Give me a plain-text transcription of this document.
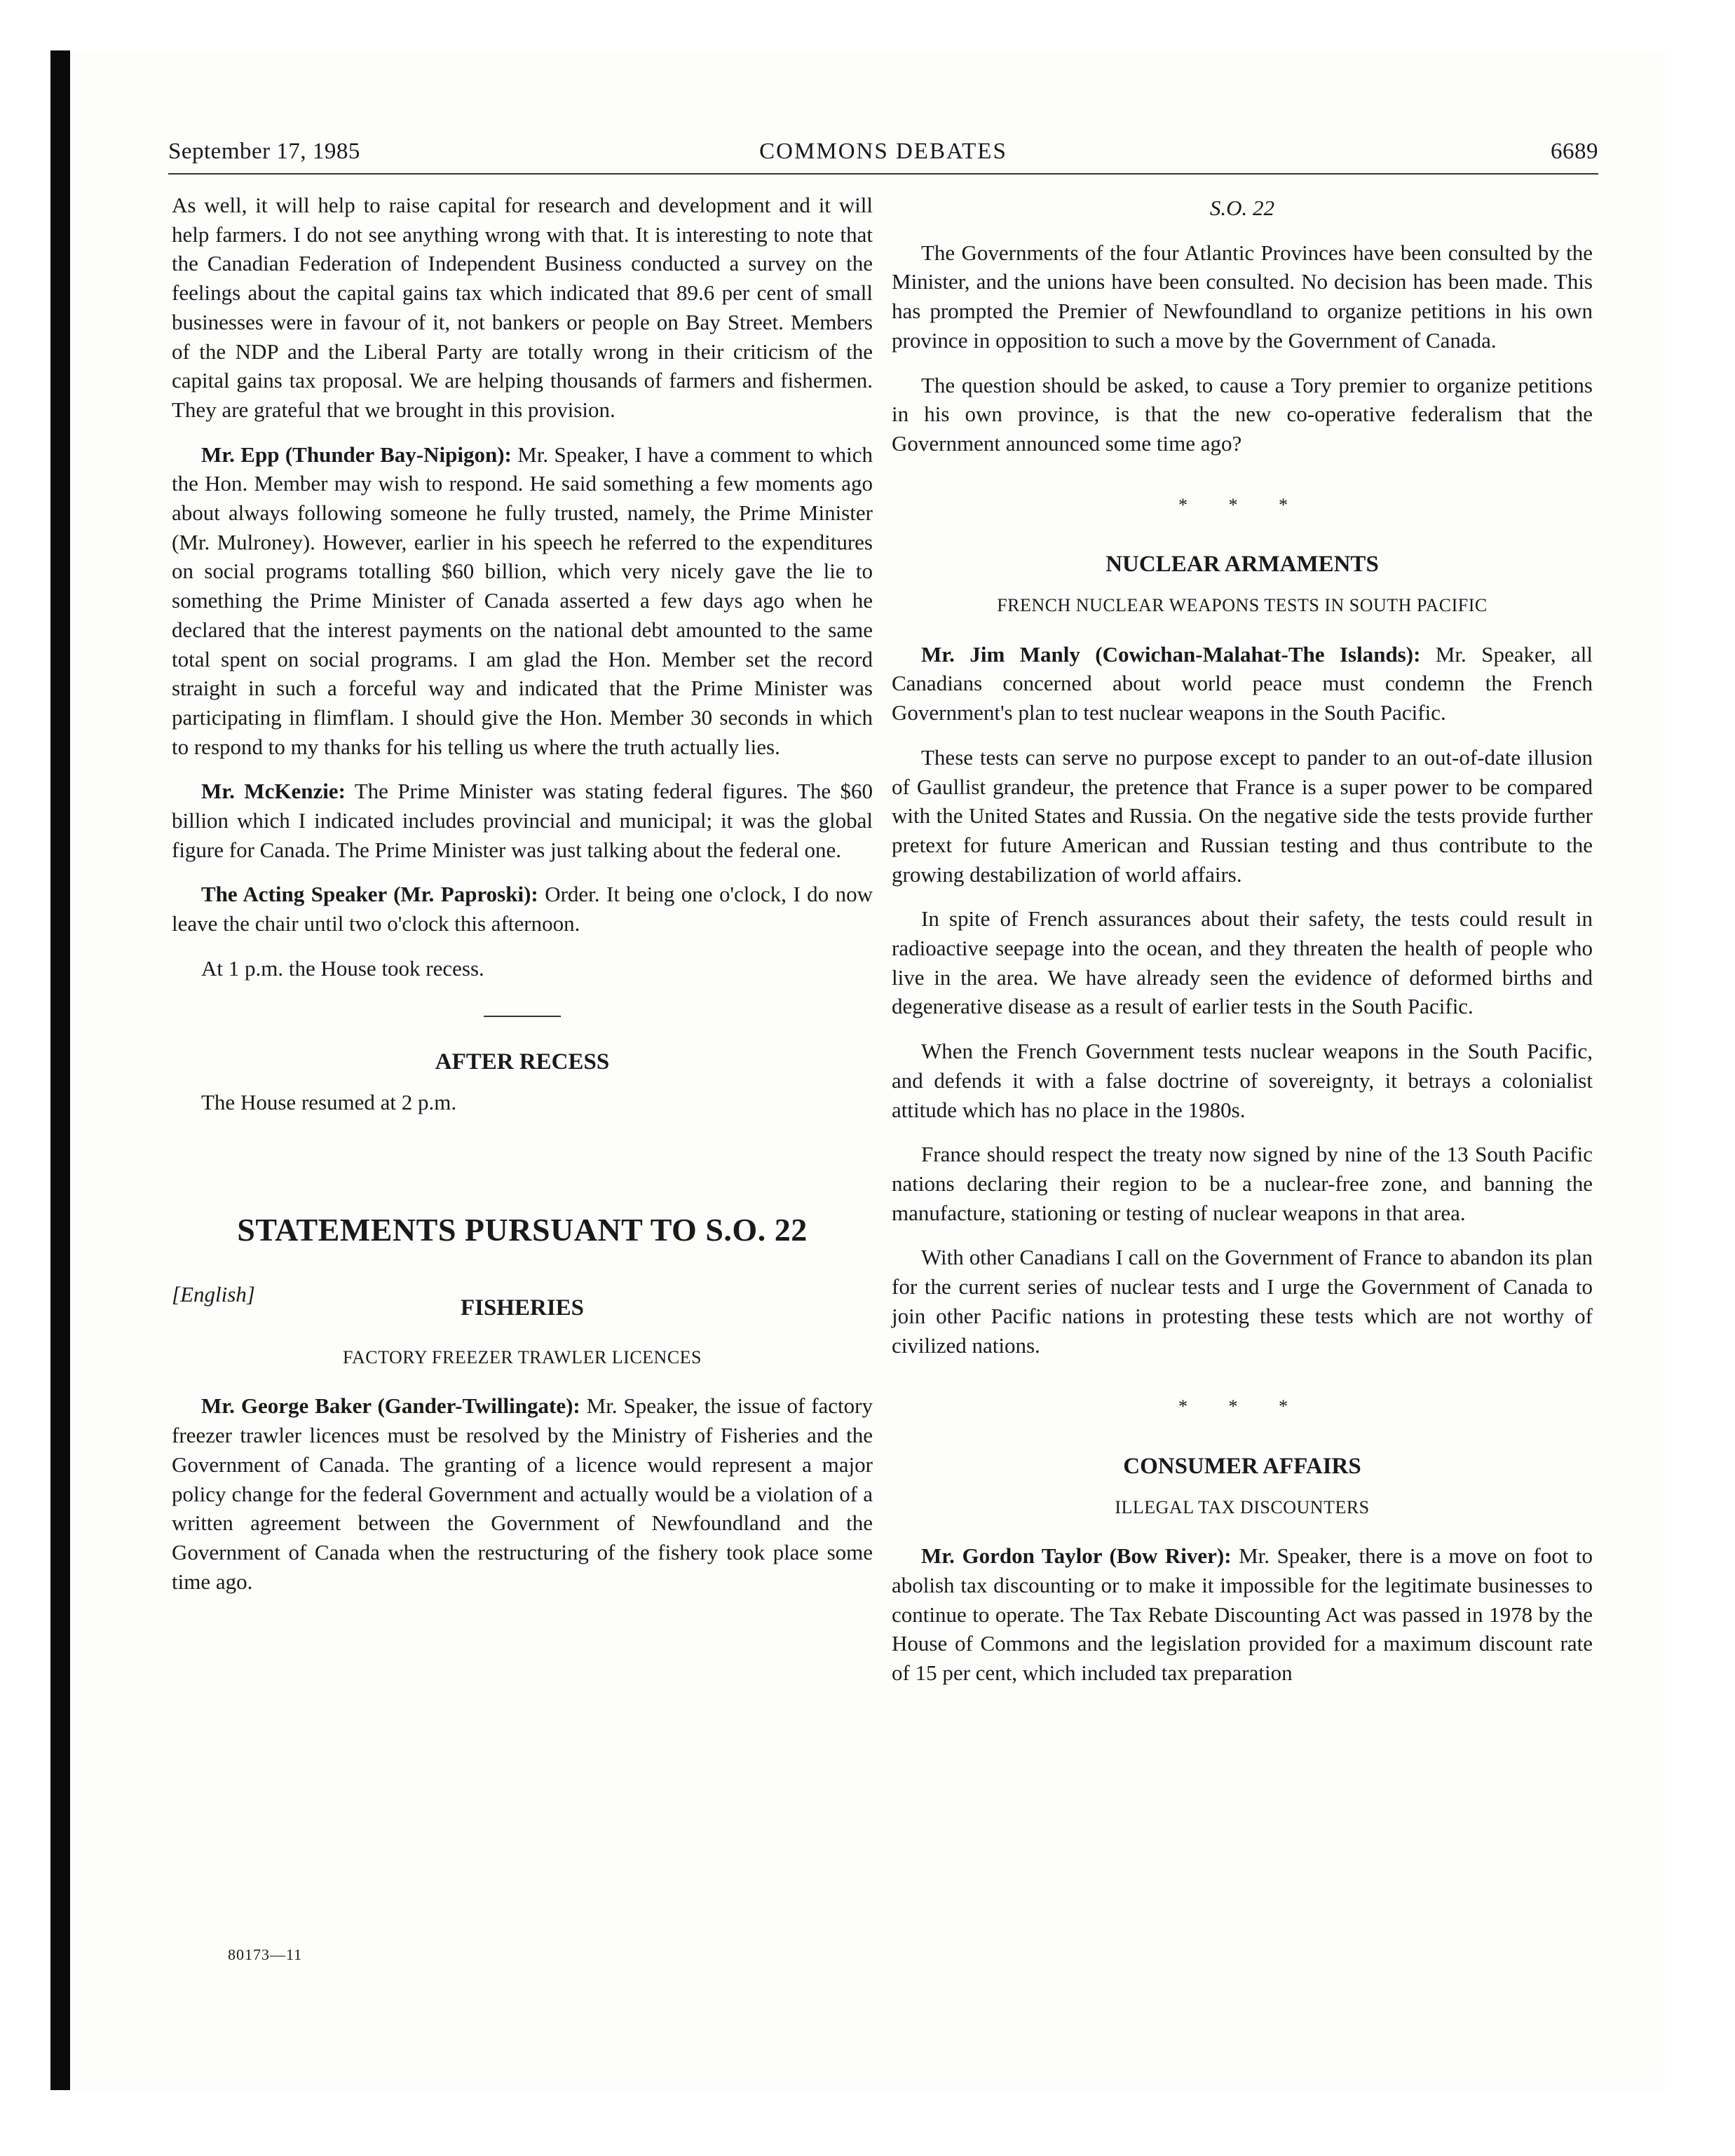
September 17, 1985	COMMONS DEBATES	6689

As well, it will help to raise capital for research and development and it will help farmers. I do not see anything wrong with that. It is interesting to note that the Canadian Federation of Independent Business conducted a survey on the feelings about the capital gains tax which indicated that 89.6 per cent of small businesses were in favour of it, not bankers or people on Bay Street. Members of the NDP and the Liberal Party are totally wrong in their criticism of the capital gains tax proposal. We are helping thousands of farmers and fishermen. They are grateful that we brought in this provision.

Mr. Epp (Thunder Bay-Nipigon): Mr. Speaker, I have a comment to which the Hon. Member may wish to respond. He said something a few moments ago about always following someone he fully trusted, namely, the Prime Minister (Mr. Mulroney). However, earlier in his speech he referred to the expenditures on social programs totalling $60 billion, which very nicely gave the lie to something the Prime Minister of Canada asserted a few days ago when he declared that the interest payments on the national debt amounted to the same total spent on social programs. I am glad the Hon. Member set the record straight in such a forceful way and indicated that the Prime Minister was participating in flimflam. I should give the Hon. Member 30 seconds in which to respond to my thanks for his telling us where the truth actually lies.

Mr. McKenzie: The Prime Minister was stating federal figures. The $60 billion which I indicated includes provincial and municipal; it was the global figure for Canada. The Prime Minister was just talking about the federal one.

The Acting Speaker (Mr. Paproski): Order. It being one o'clock, I do now leave the chair until two o'clock this afternoon.

At 1 p.m. the House took recess.

AFTER RECESS

The House resumed at 2 p.m.

STATEMENTS PURSUANT TO S.O. 22
[English]
FISHERIES
FACTORY FREEZER TRAWLER LICENCES

Mr. George Baker (Gander-Twillingate): Mr. Speaker, the issue of factory freezer trawler licences must be resolved by the Ministry of Fisheries and the Government of Canada. The granting of a licence would represent a major policy change for the federal Government and actually would be a violation of a written agreement between the Government of Newfoundland and the Government of Canada when the restructuring of the fishery took place some time ago.

S.O. 22

The Governments of the four Atlantic Provinces have been consulted by the Minister, and the unions have been consulted. No decision has been made. This has prompted the Premier of Newfoundland to organize petitions in his own province in opposition to such a move by the Government of Canada.

The question should be asked, to cause a Tory premier to organize petitions in his own province, is that the new co-operative federalism that the Government announced some time ago?

* * *
NUCLEAR ARMAMENTS
FRENCH NUCLEAR WEAPONS TESTS IN SOUTH PACIFIC

Mr. Jim Manly (Cowichan-Malahat-The Islands): Mr. Speaker, all Canadians concerned about world peace must condemn the French Government's plan to test nuclear weapons in the South Pacific.

These tests can serve no purpose except to pander to an out-of-date illusion of Gaullist grandeur, the pretence that France is a super power to be compared with the United States and Russia. On the negative side the tests provide further pretext for future American and Russian testing and thus contribute to the growing destabilization of world affairs.

In spite of French assurances about their safety, the tests could result in radioactive seepage into the ocean, and they threaten the health of people who live in the area. We have already seen the evidence of deformed births and degenerative disease as a result of earlier tests in the South Pacific.

When the French Government tests nuclear weapons in the South Pacific, and defends it with a false doctrine of sovereignty, it betrays a colonialist attitude which has no place in the 1980s.

France should respect the treaty now signed by nine of the 13 South Pacific nations declaring their region to be a nuclear-free zone, and banning the manufacture, stationing or testing of nuclear weapons in that area.

With other Canadians I call on the Government of France to abandon its plan for the current series of nuclear tests and I urge the Government of Canada to join other Pacific nations in protesting these tests which are not worthy of civilized nations.

* * *
CONSUMER AFFAIRS
ILLEGAL TAX DISCOUNTERS

Mr. Gordon Taylor (Bow River): Mr. Speaker, there is a move on foot to abolish tax discounting or to make it impossible for the legitimate businesses to continue to operate. The Tax Rebate Discounting Act was passed in 1978 by the House of Commons and the legislation provided for a maximum discount rate of 15 per cent, which included tax preparation

80173—11
